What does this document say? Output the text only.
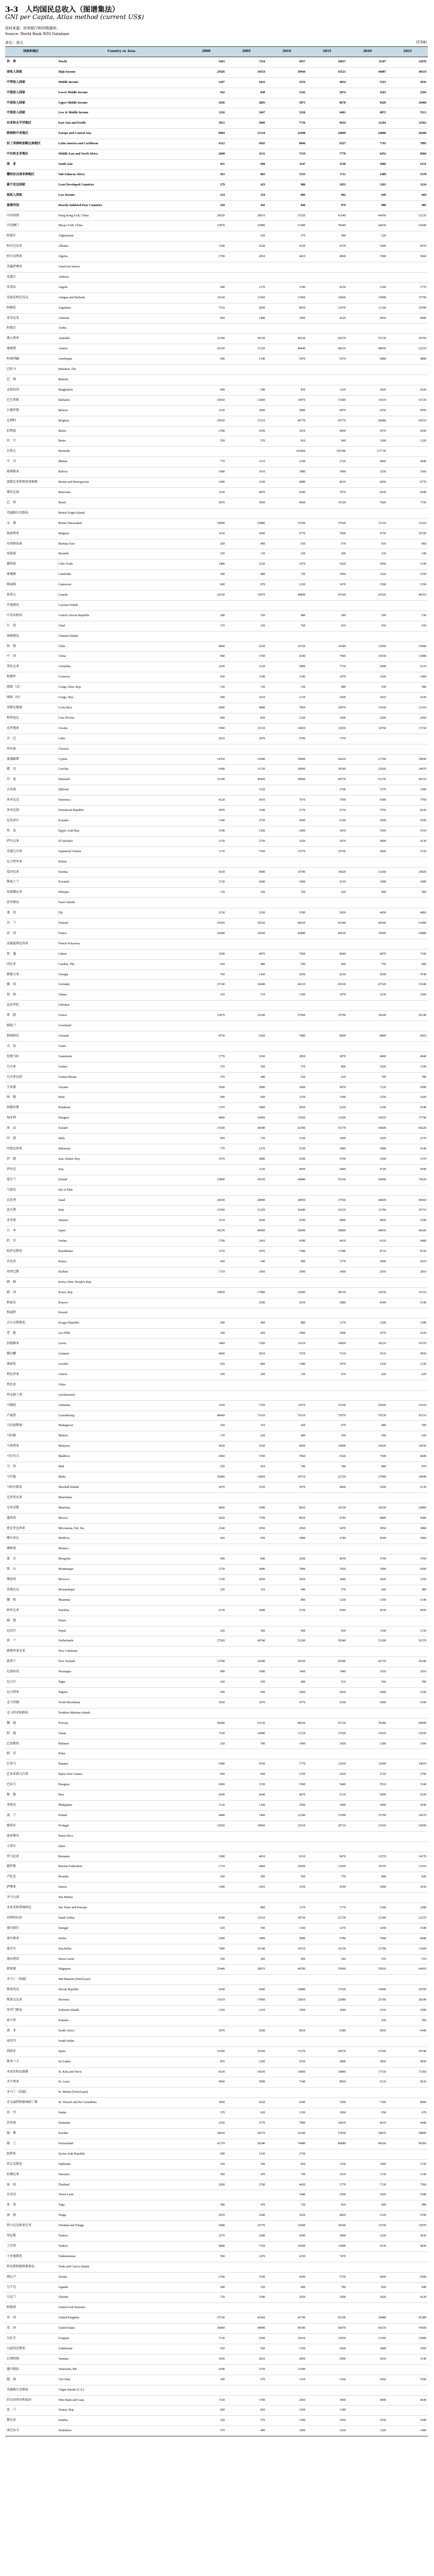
3-3　人均国民总收入（图谱集法）
GNI per Capita, Atlas method (current US$)
资料来源：世界银行WDI数据库。
Source: World Bank WDI Database
单位：美元	(US$)
国家和地区	Country or Area	2000	2005	2010	2015	2020	2021
世　界	World	5463	7334	9457	10637	11107	12070
高收入国家	High Income	25926	34554	39944	43521	44987	48119
中等收入国家	Middle Income	1207	1822	3554	4854	5323	5836
中低收入国家	Lower Middle Income	562	849	1542	2074	2263	2394
中高收入国家	Upper Middle Income	1836	2883	5875	8678	9429	10460
中低收入国家	Low & Middle Income	1116	1667	3226	4401	4872	5313
东亚和太平洋地区	East Asia and Pacific	3812	5096	7736	9924	11294	12563
欧洲和中亚地区	Europe and Central Asia	8904	15124	22498	24099	24086	26268
拉丁美洲和加勒比海地区	Latin America and Caribbean	4112	4565	8046	9327	7741	7893
中东和北非地区	Middle East and North Africa	2849	4131	7319	7778	6452	6684
南　亚	South Asia	451	690	1147	1530	1866	2131
撒哈拉以南非洲地区	Sub-Saharan Africa	563	865	1555	1711	1489	1578
最不发达国家	Least Developed Countries	279	423	886	1053	1103	1124
低收入国家	Low Income	254	324	606	682	649	669
重债穷国	Heavily Indebted Poor Countries	329	442	846	979	988	985
中国香港	Hong Kong SAR, China	26020	28610	33520	41540	49450	52120
中国澳门	Macao SAR, China	15870	25880	51490	78440	44430	52040
阿富汗	Afghanistan		250	570	580	520	
阿尔巴尼亚	Albania	1180	2620	4330	4370	5280	6070
阿尔及利亚	Algeria	1790	2810	4410	4960	3580	3660
美属萨摩亚	American Samoa						
安道尔	Andorra						
安哥拉	Angola	440	1370	3740	4230	2140	1770
安提瓜和巴布达	Antigua and Barbuda	10160	11450	13450	14060	14990	15790
阿根廷	Argentina	7510	4260	8910	13470	11160	10590
亚美尼亚	Armenia	660	1480	3450	4220	4450	4680
阿鲁巴	Aruba						
澳大利亚	Australia	21100	30130	46220	60270	55130	56760
奥地利	Austria	26100	37220	48440	48310	48650	52210
阿塞拜疆	Azerbaijan	640	1340	5470	6570	4480	4880
巴哈马	Bahamas, The						
巴　林	Bahrain						
孟加拉国	Bangladesh	440	540	830	1220	2020	2620
巴巴多斯	Barbados	10560	12600	14970	15540	16510	16720
白俄罗斯	Belarus	1230	2900	5880	6870	6350	6950
比利时	Belgium	25650	37210	46770	45770	46080	50510
伯利兹	Belize	2780	3550	3910	4400	3970	4290
贝　宁	Benin	550	570	810	960	1280	1320
百慕大	Bermuda			103060	105180	117730	
不　丹	Bhutan	770	1110	2190	2720	2860	2840
玻利维亚	Bolivia	1000	1010	1880	3090	3250	3360
波斯尼亚和黑塞哥维那	Bosnia and Herzegovina	1490	3100	4880	4910	6450	6770
博茨瓦纳	Botswana	3160	4870	6540	7070	6430	6940
巴　西	Brazil	3870	3950	9660	10120	7820	7720
英属维尔京群岛	British Virgin Islands						
文　莱	Brunei Darussalam	18090	25880	33590	37920	31510	31410
保加利亚	Bulgaria	1630	3690	6770	7600	9750	10720
布基纳法索	Burkina Faso	260	400	630	670	810	860
布隆迪	Burundi	150	130	230	290	230	240
佛得角	Cabo Verde	1480	2320	3470	3620	3050	3330
柬埔寨	Cambodia	300	480	750	1060	1520	1550
喀麦隆	Cameroon	600	870	1230	1470	1500	1590
加拿大	Canada	22630	33970	44890	47420	43520	48310
开曼群岛	Cayman Islands						
中非共和国	Central African Republic	280	350	480	380	500	530
乍　得	Chad	170	330	760	810	650	650
海峡群岛	Channel Islands						
智　利	Chile	4840	6230	10720	14380	13050	15000
中　国	China	940	1760	4340	7940	10530	11880
哥伦比亚	Colombia	2430	3120	5800	7730	5490	6110
科摩罗	Comoros	930	1190	1340	1470	1420	1460
刚果（金）	Congo, Dem. Rep.	130	130	330	480	530	580
刚果（布）	Congo, Rep.	590	1010	2130	2500	1810	1630
哥斯达黎加	Costa Rica	4280	4880	7850	10970	11630	12310
科特迪瓦	Cote d'Ivoire	690	830	1320	1690	2290	2450
克罗地亚	Croatia	5580	10110	14030	13030	14760	17150
古　巴	Cuba	2610	3970	5790	7370		
库拉索	Curacao						
塞浦路斯	Cyprus	14350	23940	30800	26410	27100	29690
捷　克	Czechia	6040	11130	18690	18180	22420	24070
丹　麦	Denmark	32340	49420	59960	60570	63170	68110
吉布提	Djibouti		1520		2760	3370	3300
多米尼克	Dominica	4120	5010	7070	7500	6580	7760
多米尼加	Dominican Republic	2870	3340	5170	6730	7550	8220
厄瓜多尔	Ecuador	1340	2750	4590	6160	5600	5930
埃　及	Egypt, Arab Rep.	1540	1260	2400	3410	3540	3510
萨尔瓦多	El Salvador	2150	2750	3520	3670	3800	4130
赤道几内亚	Equatorial Guinea	1170	7360	15570	10760	5060	5150
厄立特里亚	Eritrea						
爱沙尼亚	Estonia	4150	9990	14740	18620	23260	25820
斯威士兰	Eswatini	1720	2640	3400	4110	3380	3680
埃塞俄比亚	Ethiopia	130	160	350	620	890	960
法罗群岛	Faroe Islands						
斐　济	Fiji	2130	3330	3590	5020	4450	4860
芬　兰	Finland	25950	39520	48250	46180	49560	53490
法　国	France	24580	34360	42880	40610	39500	43880
法属波利尼西亚	French Polynesia						
加　蓬	Gabon	3240	4870	7960	8040	6870	7100
冈比亚	Gambia, The	620	480	590	660	750	800
格鲁吉亚	Georgia	760	1420	2930	4250	4290	4740
德　国	Germany	25740	34440	44110	45630	47520	51040
加　纳	Ghana	310	510	1300	1870	2230	2360
直布罗陀	Gibraltar						
希　腊	Greece	12870	22100	27060	19790	18100	20140
格陵兰	Greenland						
格林纳达	Grenada	4750	5420	7080	8900	8840	9410
关　岛	Guam						
危地马拉	Guatemala	1770	2160	2850	3870	4600	4940
几内亚	Guinea	370	360	570	800	1020	1100
几内亚比绍	Guinea-Bissau	370	440	620	620	740	780
圭亚那	Guyana	1690	2080	3660	5070	7120	9380
海　地	Haiti	690	660	1150	1390	1250	1420
洪都拉斯	Honduras	1370	1800	2050	2220	2190	2540
匈牙利	Hungary	4890	10450	13020	13200	16010	17740
冰　岛	Iceland	31500	46680	42390	55170	64600	68220
印　度	India	450	730	1230	1600	1920	2170
印度尼西亚	Indonesia	770	1270	2530	3440	3900	4140
伊　朗	Iran, Islamic Rep.	1670	2880	6360	5760	3360	3370
伊拉克	Iraq		2130	4930	5840	4720	5040
爱尔兰	Ireland	23890	43530	44080	55330	64990	74520
马恩岛	Isle of Man						
以色列	Israel	20430	20890	28050	37550	44920	49560
意大利	Italy	21950	31220	36440	33210	31790	35710
牙买加	Jamaica	3110	4200	4700	4860	4850	5180
日　本	Japan	36230	40000	42000	38600	40810	42620
约　旦	Jordan	1790	2410	4180	4410	4310	4480
哈萨克斯坦	Kazakhstan	1270	2970	7440	11580	8710	8720
肯尼亚	Kenya	430	540	990	1370	2000	2010
基里巴斯	Kiribati	1710	1850	2090	3460	2910	2810
朝　鲜	Korea, Dem. People's Rep.						
韩　国	Korea, Rep.	10850	17980	22990	28730	32930	35110
科索沃	Kosovo		2300	3610	3880	4540	5140
科威特	Kuwait						
吉尔吉斯斯坦	Kyrgyz Republic	280	460	880	1170	1200	1180
老　挝	Lao PDR	290	450	1000	2000	2570	2520
拉脱维亚	Latvia	3460	7200	11610	14850	18210	19370
黎巴嫩	Lebanon	4600	5910	7670	7310	5510	4950
莱索托	Lesotho	630	860	1380	1470	1160	1230
利比里亚	Liberia	300	260	330	670	620	620
利比亚	Libya						
列支敦士登	Liechtenstein						
立陶宛	Lithuania	3100	7350	12070	15160	20200	21610
卢森堡	Luxembourg	48460	71610	76310	75970	79230	81110
马达加斯加	Madagascar	250	310	430	470	480	500
马拉维	Malawi	170	220	400	550	590	620
马来西亚	Malaysia	3620	5160	8450	10900	10620	10930
马尔代夫	Maldives	2960	3700	7060	9320	7500	9600
马　里	Mali	250	410	740	780	840	870
马耳他	Malta	10400	14050	19710	22720	27940	30940
马绍尔群岛	Marshall Islands	3070	3530	3970	4460	5200	6130
毛里塔尼亚	Mauritania						
毛里求斯	Mauritius	4000	5440	8020	10130	10230	10860
墨西哥	Mexico	5620	7790	8930	9740	8480	9380
密克罗尼西亚	Micronesia, Fed. Sts.	2140	2550	2930	3470	3950	3880
摩尔多瓦	Moldova	420	930	1890	2740	4500	5460
摩纳哥	Monaco						
蒙　古	Mongolia	490	840	2260	4030	3740	3760
黑　山	Montenegro	1750	3840	7000	7020	7900	9300
摩洛哥	Morocco	1330	2050	2930	3040	3020	3350
莫桑比克	Mozambique	250	310	440	570	460	480
缅　甸	Myanmar			890	1230	1350	1140
纳米比亚	Namibia	2130	3680	5150	5540	4530	4550
瑙　鲁	Nauru						
尼泊尔	Nepal	220	300	600	830	1190	1230
荷　兰	Netherlands	27920	40740	51260	50340	51200	56370
新喀里多尼亚	New Caledonia						
新西兰	New Zealand	13790	24380	30530	40180	42710	45340
尼加拉瓜	Nicaragua	990	1080	1460	1940	1910	2010
尼日尔	Niger	160	250	400	510	560	590
尼日利亚	Nigeria	290	690	2060	2830	2000	2100
北马其顿	North Macedonia	1830	3070	4770	5160	5900	6190
北马里亚纳群岛	Northern Mariana Islands						
挪　威	Norway	38280	63130	88230	93720	78180	84090
阿　曼	Oman	7530	10980	17210	17920	15010	15030
巴基斯坦	Pakistan	520	700	1090	1420	1280	1500
帕　劳	Palau						
巴拿马	Panama	4380	4760	7770	12010	12000	14010
巴布亚新几内亚	Papua New Guinea	600	660	1550	2650	2720	2790
巴拉圭	Paraguay	1860	1530	3500	5440	5510	5340
秘　鲁	Peru	2040	2640	4670	6110	6090	6520
菲律宾	Philippines	1120	1360	2560	3690	3460	3640
波　兰	Poland	4480	7460	12540	13590	15790	16670
葡萄牙	Portugal	12020	18060	22310	20710	21930	24590
波多黎各	Puerto Rico						
卡塔尔	Qatar						
罗马尼亚	Romania	1680	4010	8110	9670	13270	14170
俄罗斯	Russian Federation	1710	4460	10050	11660	10720	11610
卢旺达	Rwanda	260	300	560	750	800	820
萨摩亚	Samoa	1440	2410	3350	4190	3990	3630
圣马力诺	San Marino						
圣多美和普林西比	Sao Tome and Principe		860	1170	1770	2180	2280
沙特阿拉伯	Saudi Arabia	8340	12510	18720	22730	21540	22270
塞内加尔	Senegal	520	700	1100	1270	1450	1540
塞尔维亚	Serbia	1400	3490	5900	5780	7400	8440
塞舌尔	Seychelles	7400	10140	10510	14130	12700	13260
塞拉利昂	Sierra Leone	160	260	450	540	510	510
新加坡	Singapore	23440	28070	44790	55660	55010	64010
圣马丁（荷属）	Sint Maarten (Dutch part)						
斯洛伐克	Slovak Republic	4100	9380	16880	17620	19400	20250
斯洛文尼亚	Slovenia	11610	17960	23810	22080	25760	28240
所罗门群岛	Solomon Islands	1320	1210	1500	1940	2310	2300
索马里	Somalia					430	450
南　非	South Africa	3070	5200	6910	6380	6010	6440
南苏丹	South Sudan						
西班牙	Spain	15500	25350	31270	28370	27360	29740
斯里兰卡	Sri Lanka	870	1260	2530	3890	3850	4030
圣基茨和尼维斯	St. Kitts and Nevis	8330	10630	14090	16840	17150	17260
圣卢西亚	St. Lucia	4960	5990	7340	8960	9130	9630
圣马丁（法属）	St. Martin (French part)						
圣文森特和格林纳丁斯	St. Vincent and the Grenadines	3060	4320	6290	7290	7390	8000
苏　丹	Sudan	370	620	1330	1960	650	670
苏里南	Suriname	2350	3770	7990	10010	4610	4440
瑞　典	Sweden	30020	44170	52340	57830	54870	58890
瑞　士	Switzerland	41370	56240	74480	86880	84260	90360
叙利亚	Syrian Arab Republic	940	1530	2760			
塔吉克斯坦	Tajikistan	160	390	820	1160	1040	1150
坦桑尼亚	Tanzania	360	470	760	1010	1130	1140
泰　国	Thailand	2000	2700	4620	5770	7130	7260
东帝汶	Timor-Leste			3440	2500	1920	1940
多　哥	Togo	380	470	720	810	960	980
汤　加	Tonga	2010	2540	3620	4820	5120	5190
特立尼达和多巴哥	Trinidad and Tobago	5680	10770	15600	18360	15330	15070
突尼斯	Tunisia	2270	3280	4300	3960	3320	3630
土耳其	Turkiye	4080	7350	10500	11890	9130	9830
土库曼斯坦	Turkmenistan	590	1470	4150	7470		
特克斯和凯科斯群岛	Turks and Caicos Islands						
图瓦卢	Tuvalu	2740	3190	4300	5750	6000	6580
乌干达	Uganda	280	320	600	780	820	840
乌克兰	Ukraine	720	1540	2920	2500	3620	4120
阿联酋	United Arab Emirates						
英　国	United Kingdom	27530	41960	41790	45190	39480	45380
美　国	United States	36860	44990	49180	56670	64310	70430
乌拉圭	Uruguay	7130	5200	10410	15930	15360	15800
乌兹别克斯坦	Uzbekistan	630	560	1350	2660	1800	1960
瓦努阿图	Vanuatu	1950	2010	2850	2990	3030	3140
委内瑞拉	Venezuela, RB	4180	5150	11600			
越　南	Viet Nam	390	670	1310	2160	3450	3590
美属维尔京群岛	Virgin Islands (U.S.)						
约旦河西岸和加沙	West Bank and Gaza	1720	1790	2450	3660	4400	4640
也　门	Yemen, Rep.	460	820	1250	1180		
赞比亚	Zambia	320	570	1290	1450	1030	1040
津巴布韦	Zimbabwe	570	490	1000	1430	1320	1400
